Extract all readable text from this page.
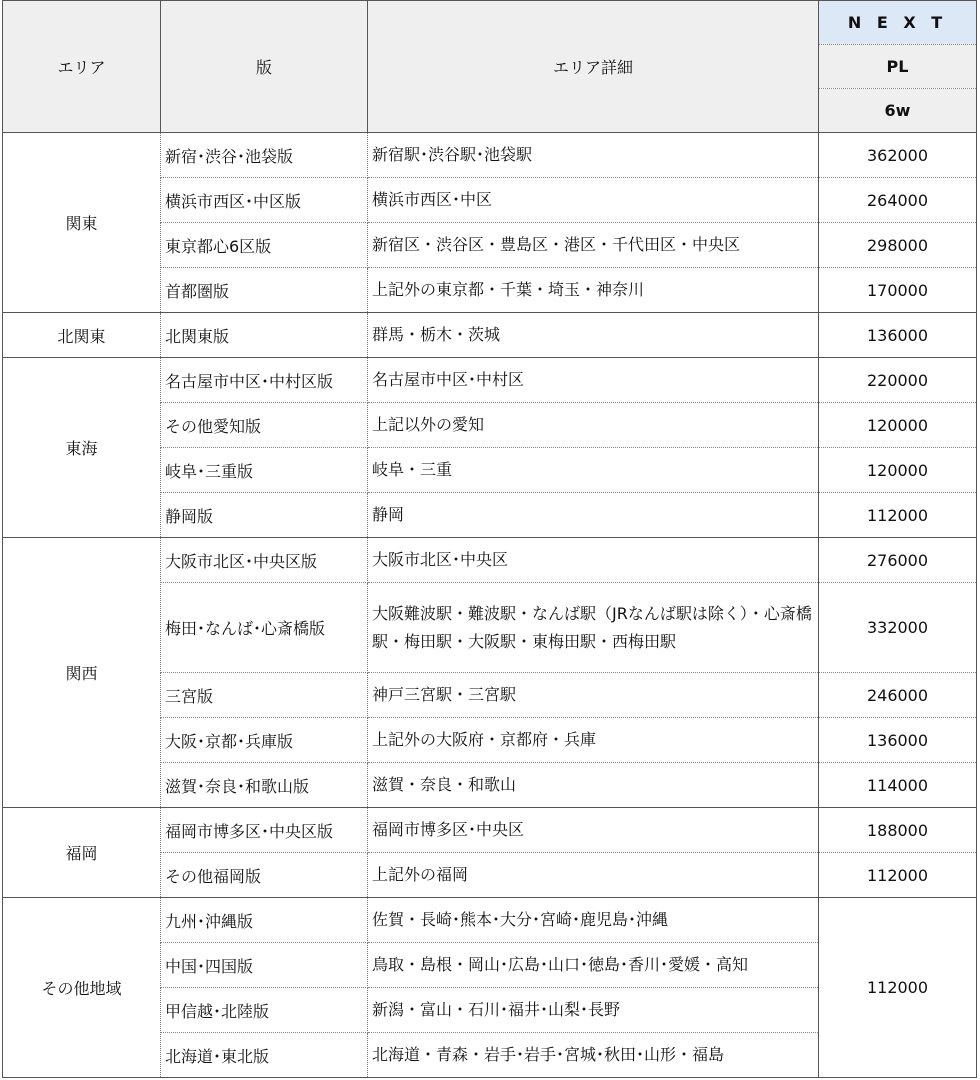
エリア	版	エリア詳細	N E X T
			PL
			6w
関東	新宿･渋谷･池袋版	新宿駅･渋谷駅･池袋駅	362000
	横浜市西区･中区版	横浜市西区･中区	264000
	東京都心6区版	新宿区・渋谷区・豊島区・港区・千代田区・中央区	298000
	首都圏版	上記外の東京都・千葉・埼玉・神奈川	170000
北関東	北関東版	群馬・栃木・茨城	136000
東海	名古屋市中区･中村区版	名古屋市中区･中村区	220000
	その他愛知版	上記以外の愛知	120000
	岐阜･三重版	岐阜・三重	120000
	静岡版	静岡	112000
関西	大阪市北区･中央区版	大阪市北区･中央区	276000
	梅田･なんば･心斎橋版	大阪難波駅・難波駅・なんば駅（JRなんば駅は除く）・心斎橋駅・梅田駅・大阪駅・東梅田駅・西梅田駅	332000
	三宮版	神戸三宮駅・三宮駅	246000
	大阪･京都･兵庫版	上記外の大阪府・京都府・兵庫	136000
	滋賀･奈良･和歌山版	滋賀・奈良・和歌山	114000
福岡	福岡市博多区･中央区版	福岡市博多区･中央区	188000
	その他福岡版	上記外の福岡	112000
その他地域	九州･沖縄版	佐賀・長崎･熊本･大分･宮崎･鹿児島･沖縄	112000
	中国･四国版	鳥取・島根・岡山･広島･山口･徳島･香川･愛媛・高知	
	甲信越･北陸版	新潟・富山・石川･福井･山梨･長野	
	北海道･東北版	北海道・青森・岩手･岩手･宮城･秋田･山形・福島	
